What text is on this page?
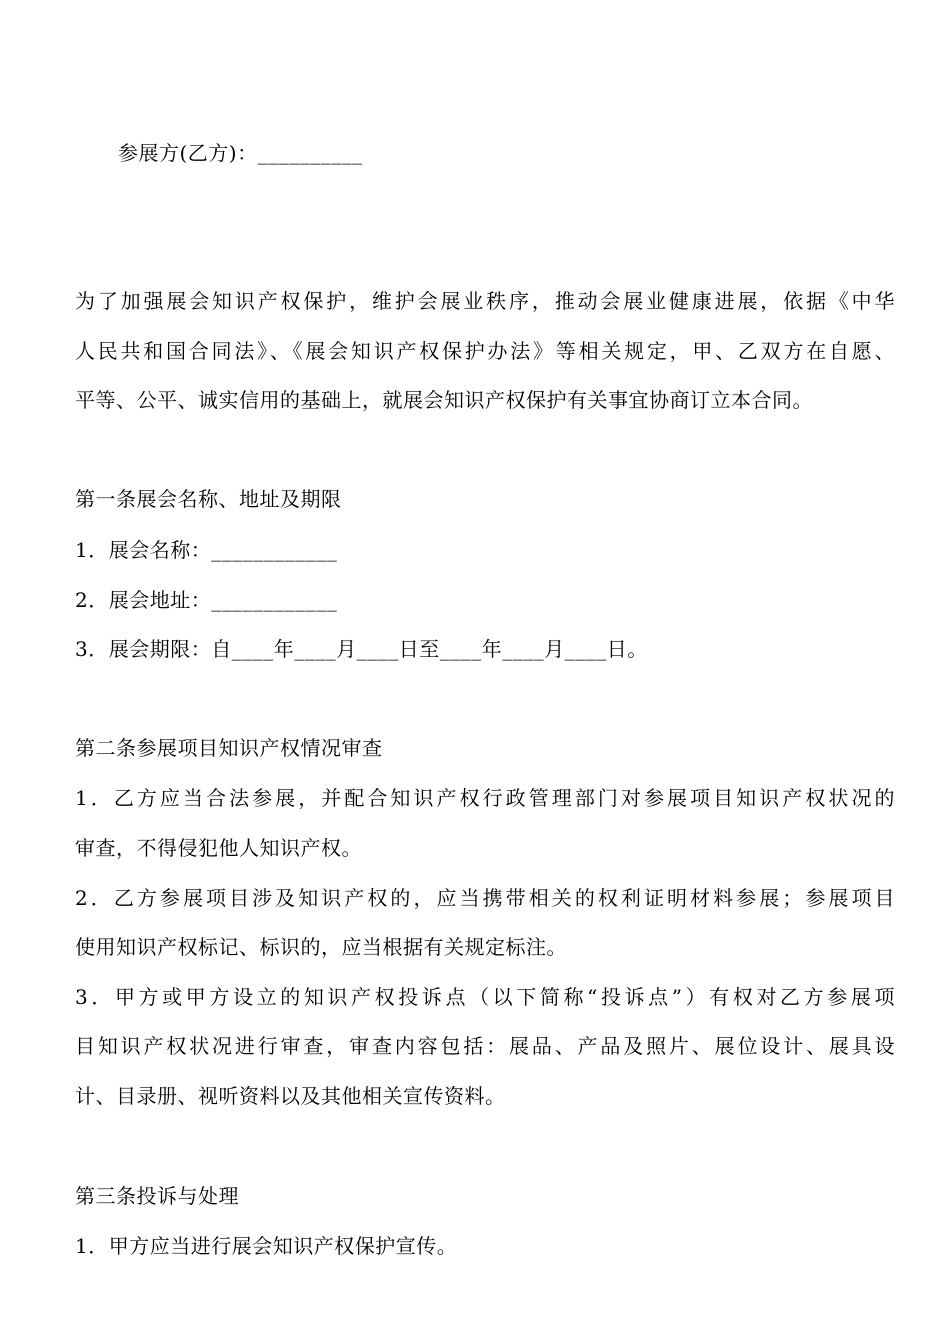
参展方(乙方)：__________
为了加强展会知识产权保护，维护会展业秩序，推动会展业健康进展，依据《中华
人民共和国合同法》、《展会知识产权保护办法》等相关规定，甲、乙双方在自愿、
平等、公平、诚实信用的基础上，就展会知识产权保护有关事宜协商订立本合同。
第一条展会名称、地址及期限
1．展会名称：____________
2．展会地址：____________
3．展会期限：自____年____月____日至____年____月____日。
第二条参展项目知识产权情况审查
1．乙方应当合法参展，并配合知识产权行政管理部门对参展项目知识产权状况的
审查，不得侵犯他人知识产权。
2．乙方参展项目涉及知识产权的，应当携带相关的权利证明材料参展；参展项目
使用知识产权标记、标识的，应当根据有关规定标注。
3．甲方或甲方设立的知识产权投诉点（以下简称“投诉点”）有权对乙方参展项
目知识产权状况进行审查，审查内容包括：展品、产品及照片、展位设计、展具设
计、目录册、视听资料以及其他相关宣传资料。
第三条投诉与处理
1．甲方应当进行展会知识产权保护宣传。
